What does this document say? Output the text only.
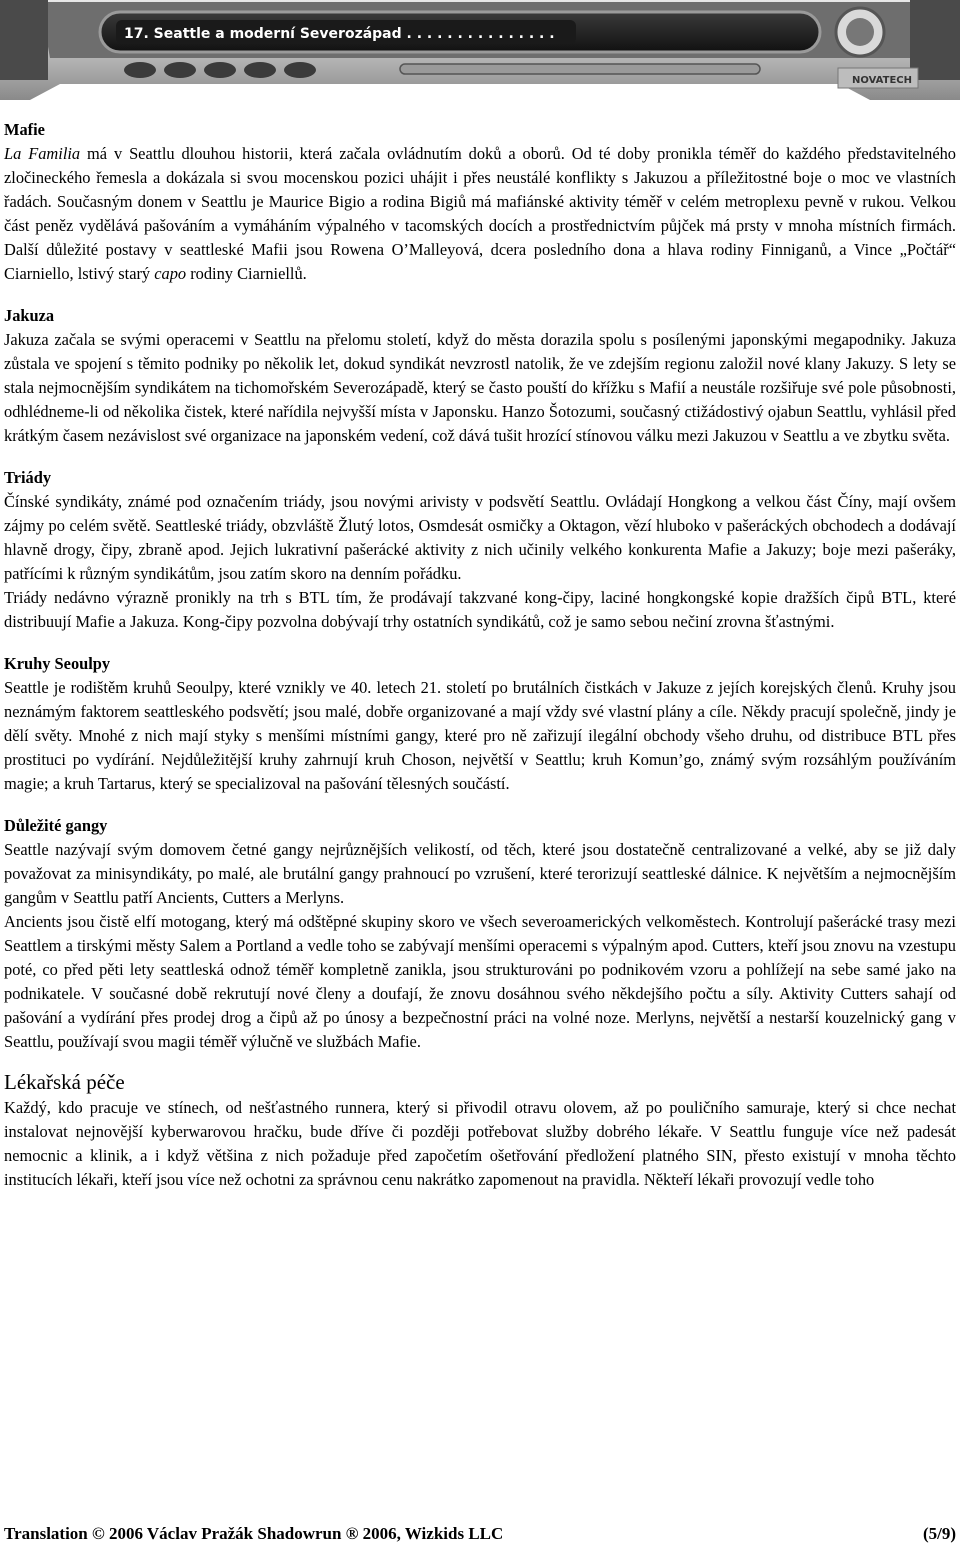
17. Seattle a moderní Severozápad . . . . . . . . . . . . . . .
NOVATECH
Mafie

La Familia má v Seattlu dlouhou historii, která začala ovládnutím doků a oborů. Od té doby pronikla téměř do každého představitelného zločineckého řemesla a dokázala si svou mocenskou pozici uhájit i přes neustálé konflikty s Jakuzou a příležitostné boje o moc ve vlastních řadách. Současným donem v Seattlu je Maurice Bigio a rodina Bigiů má mafiánské aktivity téměř v celém metroplexu pevně v rukou. Velkou část peněz vydělává pašováním a vymáháním výpalného v tacomských docích a prostřednictvím půjček má prsty v mnoha místních firmách. Další důležité postavy v seattleské Mafii jsou Rowena O’Malleyová, dcera posledního dona a hlava rodiny Finniganů, a Vince „Počtář“ Ciarniello, lstivý starý capo rodiny Ciarniellů.

Jakuza

Jakuza začala se svými operacemi v Seattlu na přelomu století, když do města dorazila spolu s posílenými japonskými megapodniky. Jakuza zůstala ve spojení s těmito podniky po několik let, dokud syndikát nevzrostl natolik, že ve zdejším regionu založil nové klany Jakuzy. S lety se stala nejmocnějším syndikátem na tichomořském Severozápadě, který se často pouští do křížku s Mafií a neustále rozšiřuje své pole působnosti, odhlédneme-li od několika čistek, které nařídila nejvyšší místa v Japonsku. Hanzo Šotozumi, současný ctižádostivý ojabun Seattlu, vyhlásil před krátkým časem nezávislost své organizace na japonském vedení, což dává tušit hrozící stínovou válku mezi Jakuzou v Seattlu a ve zbytku světa.

Triády

Čínské syndikáty, známé pod označením triády, jsou novými arivisty v podsvětí Seattlu. Ovládají Hongkong a velkou část Číny, mají ovšem zájmy po celém světě. Seattleské triády, obzvláště Žlutý lotos, Osmdesát osmičky a Oktagon, vězí hluboko v pašeráckých obchodech a dodávají hlavně drogy, čipy, zbraně apod. Jejich lukrativní pašerácké aktivity z nich učinily velkého konkurenta Mafie a Jakuzy; boje mezi pašeráky, patřícími k různým syndikátům, jsou zatím skoro na denním pořádku.

Triády nedávno výrazně pronikly na trh s BTL tím, že prodávají takzvané kong-čipy, laciné hongkongské kopie dražších čipů BTL, které distribuují Mafie a Jakuza. Kong-čipy pozvolna dobývají trhy ostatních syndikátů, což je samo sebou nečiní zrovna šťastnými.

Kruhy Seoulpy

Seattle je rodištěm kruhů Seoulpy, které vznikly ve 40. letech 21. století po brutálních čistkách v Jakuze z jejích korejských členů. Kruhy jsou neznámým faktorem seattleského podsvětí; jsou malé, dobře organizované a mají vždy své vlastní plány a cíle. Někdy pracují společně, jindy je dělí světy. Mnohé z nich mají styky s menšími místními gangy, které pro ně zařizují ilegální obchody všeho druhu, od distribuce BTL přes prostituci po vydírání. Nejdůležitější kruhy zahrnují kruh Choson, největší v Seattlu; kruh Komun’go, známý svým rozsáhlým používáním magie; a kruh Tartarus, který se specializoval na pašování tělesných součástí.

Důležité gangy

Seattle nazývají svým domovem četné gangy nejrůznějších velikostí, od těch, které jsou dostatečně centralizované a velké, aby se již daly považovat za minisyndikáty, po malé, ale brutální gangy prahnoucí po vzrušení, které terorizují seattleské dálnice. K největším a nejmocnějším gangům v Seattlu patří Ancients, Cutters a Merlyns.

Ancients jsou čistě elfí motogang, který má odštěpné skupiny skoro ve všech severoamerických velkoměstech. Kontrolují pašerácké trasy mezi Seattlem a tirskými městy Salem a Portland a vedle toho se zabývají menšími operacemi s výpalným apod. Cutters, kteří jsou znovu na vzestupu poté, co před pěti lety seattleská odnož téměř kompletně zanikla, jsou strukturováni po podnikovém vzoru a pohlížejí na sebe samé jako na podnikatele. V současné době rekrutují nové členy a doufají, že znovu dosáhnou svého někdejšího počtu a síly. Aktivity Cutters sahají od pašování a vydírání přes prodej drog a čipů až po únosy a bezpečnostní práci na volné noze. Merlyns, největší a nestarší kouzelnický gang v Seattlu, používají svou magii téměř výlučně ve službách Mafie.

Lékařská péče

Každý, kdo pracuje ve stínech, od nešťastného runnera, který si přivodil otravu olovem, až po pouličního samuraje, který si chce nechat instalovat nejnovější kyberwarovou hračku, bude dříve či později potřebovat služby dobrého lékaře. V Seattlu funguje více než padesát nemocnic a klinik, a i když většina z nich požaduje před započetím ošetřování předložení platného SIN, přesto existují v mnoha těchto institucích lékaři, kteří jsou více než ochotni za správnou cenu nakrátko zapomenout na pravidla. Někteří lékaři provozují vedle toho

Translation © 2006 Václav Pražák Shadowrun ® 2006, Wizkids LLC	(5/9)
